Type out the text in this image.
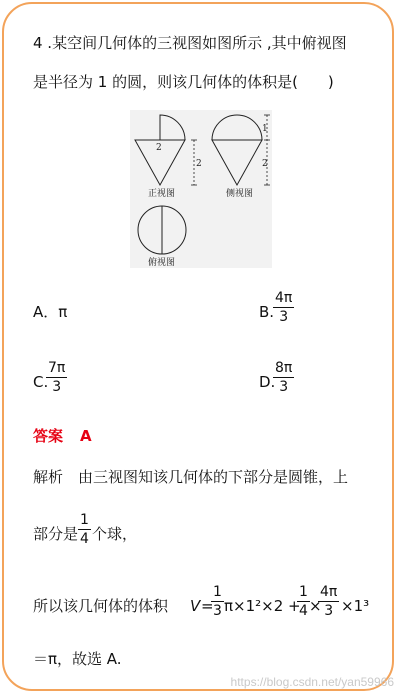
4 .某空间几何体的三视图如图所示 ,其中俯视图
是半径为 1 的圆，则该几何体的体积是(　　)
2
正视图
1
2
2
侧视图
俯视图
A．π	B.
4π
3
C.
7π
3	D.
8π
3
答案 A
解析　由三视图知该几何体的下部分是圆锥，上
部分是
1
4 个球，
所以该几何体的体积 V =
1
3 π×1²×2 +
1
4 ×
4π
3 ×1³
＝π，故选 A.
https://blog.csdn.net/yan59966
